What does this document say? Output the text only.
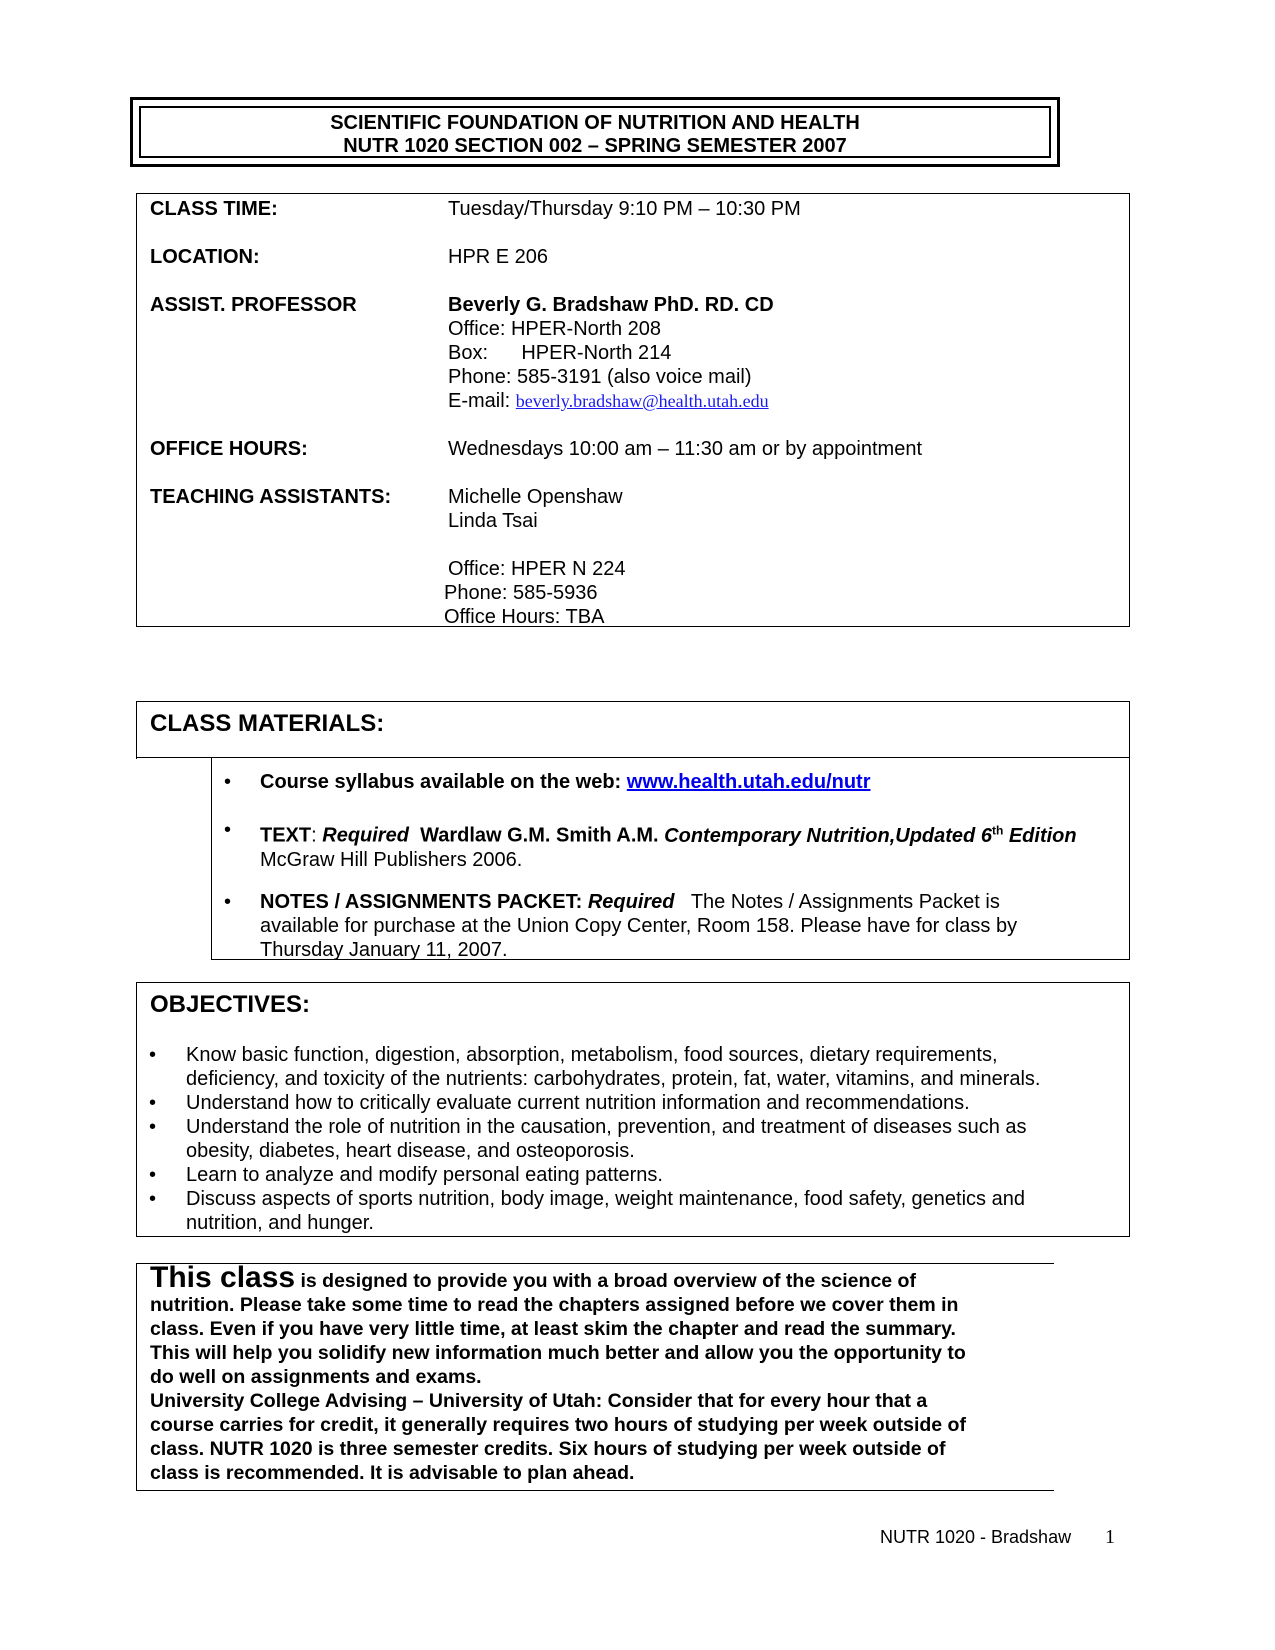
SCIENTIFIC FOUNDATION OF NUTRITION AND HEALTH
NUTR 1020 SECTION 002 – SPRING SEMESTER 2007
CLASS TIME:	Tuesday/Thursday 9:10 PM – 10:30 PM
LOCATION:	HPR E 206
ASSIST. PROFESSOR	Beverly G. Bradshaw PhD. RD. CD
Office: HPER-North 208
Box:      HPER-North 214
Phone: 585-3191 (also voice mail)
E-mail: beverly.bradshaw@health.utah.edu
OFFICE HOURS:	Wednesdays 10:00 am – 11:30 am or by appointment
TEACHING ASSISTANTS:	Michelle Openshaw
Linda Tsai
Office: HPER N 224
Phone: 585-5936
Office Hours: TBA
CLASS MATERIALS:
• Course syllabus available on the web: www.health.utah.edu/nutr
• TEXT: Required Wardlaw G.M. Smith A.M. Contemporary Nutrition,Updated 6th Edition
McGraw Hill Publishers 2006.
• NOTES / ASSIGNMENTS PACKET: Required The Notes / Assignments Packet is
available for purchase at the Union Copy Center, Room 158. Please have for class by
Thursday January 11, 2007.
OBJECTIVES:
• Know basic function, digestion, absorption, metabolism, food sources, dietary requirements,
deficiency, and toxicity of the nutrients: carbohydrates, protein, fat, water, vitamins, and minerals.
• Understand how to critically evaluate current nutrition information and recommendations.
• Understand the role of nutrition in the causation, prevention, and treatment of diseases such as
obesity, diabetes, heart disease, and osteoporosis.
• Learn to analyze and modify personal eating patterns.
• Discuss aspects of sports nutrition, body image, weight maintenance, food safety, genetics and
nutrition, and hunger.
This class is designed to provide you with a broad overview of the science of
nutrition. Please take some time to read the chapters assigned before we cover them in
class. Even if you have very little time, at least skim the chapter and read the summary.
This will help you solidify new information much better and allow you the opportunity to
do well on assignments and exams.
University College Advising – University of Utah: Consider that for every hour that a
course carries for credit, it generally requires two hours of studying per week outside of
class. NUTR 1020 is three semester credits. Six hours of studying per week outside of
class is recommended. It is advisable to plan ahead.
NUTR 1020 - Bradshaw 1
